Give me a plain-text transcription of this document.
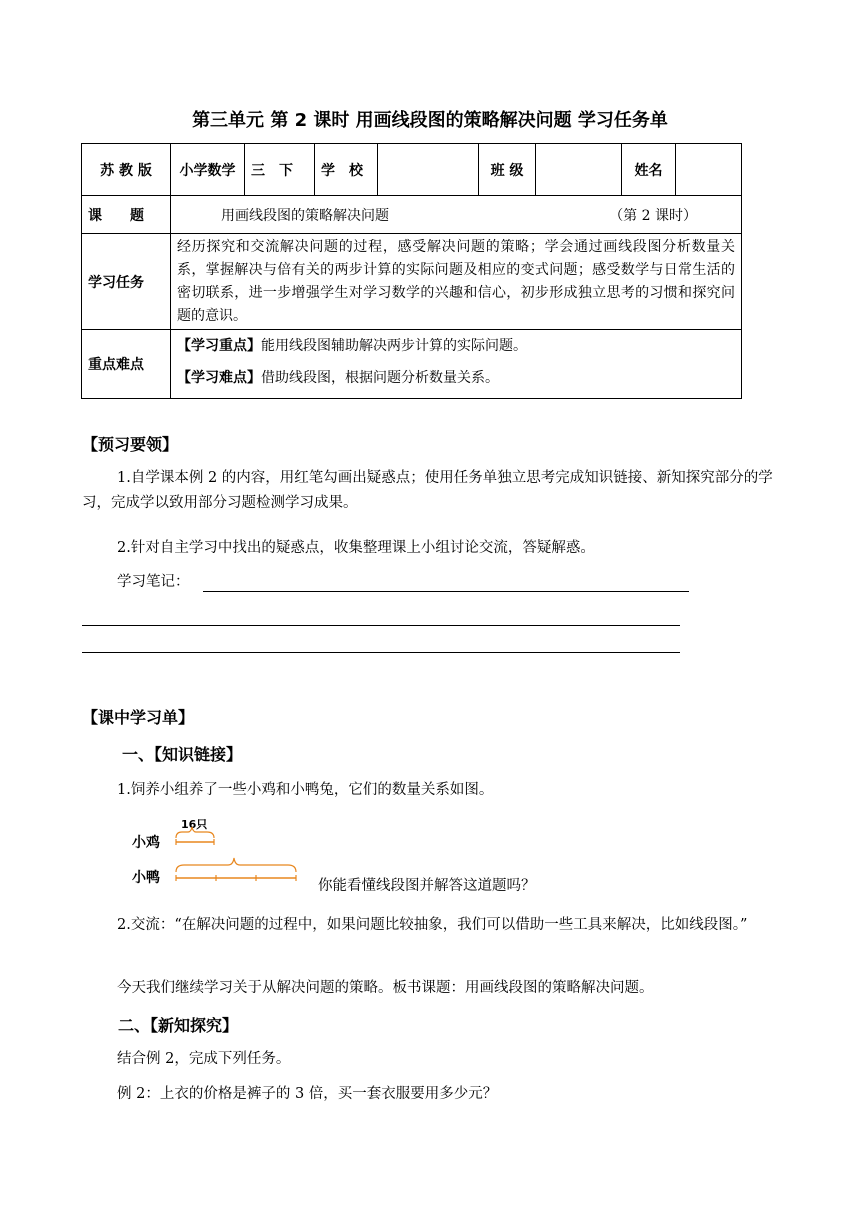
第三单元 第 2 课时 用画线段图的策略解决问题 学习任务单
苏 教 版	小学数学	三　下	学　校		班 级		姓名	
课　　题	用画线段图的策略解决问题 （第 2 课时）							

学习任务	经历探究和交流解决问题的过程，感受解决问题的策略；学会通过画线段图分析数量关系，掌握解决与倍有关的两步计算的实际问题及相应的变式问题；感受数学与日常生活的密切联系，进一步增强学生对学习数学的兴趣和信心，初步形成独立思考的习惯和探究问题的意识。							
重点难点	【学习重点】能用线段图辅助解决两步计算的实际问题。
【学习难点】借助线段图，根据问题分析数量关系。							
【预习要领】
1.自学课本例 2 的内容，用红笔勾画出疑惑点；使用任务单独立思考完成知识链接、新知探究部分的学习，完成学以致用部分习题检测学习成果。
2.针对自主学习中找出的疑惑点，收集整理课上小组讨论交流，答疑解惑。
学习笔记：
【课中学习单】
一、【知识链接】
1.饲养小组养了一些小鸡和小鸭兔，它们的数量关系如图。
16只
小鸡
小鸭	你能看懂线段图并解答这道题吗？
2.交流：“在解决问题的过程中，如果问题比较抽象，我们可以借助一些工具来解决，比如线段图。”
今天我们继续学习关于从解决问题的策略。板书课题：用画线段图的策略解决问题。
二、【新知探究】
结合例 2，完成下列任务。
例 2：上衣的价格是裤子的 3 倍，买一套衣服要用多少元？
